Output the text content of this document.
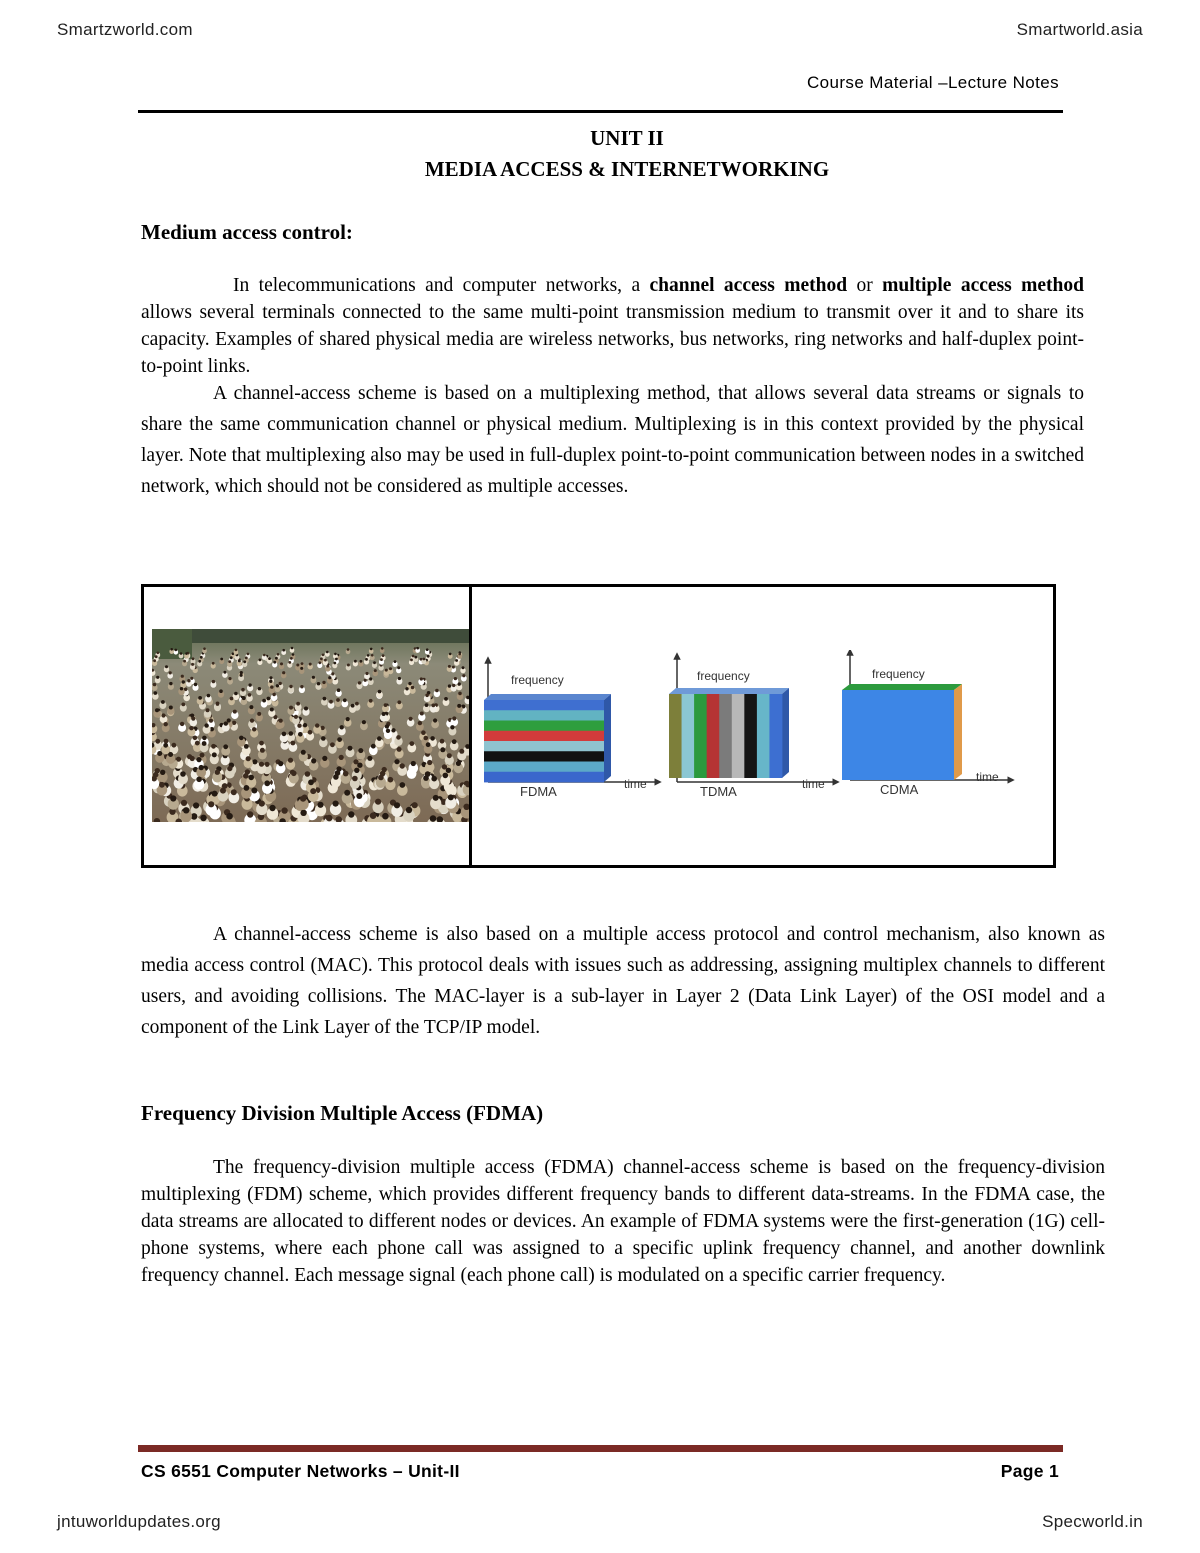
Smartzworld.com	Smartworld.asia
Course Material –Lecture Notes
UNIT II
MEDIA ACCESS & INTERNETWORKING
Medium access control:
In telecommunications and computer networks, a channel access method or multiple access method allows several terminals connected to the same multi-point transmission medium to transmit over it and to share its capacity. Examples of shared physical media are wireless networks, bus networks, ring networks and half-duplex point-to-point links.
A channel-access scheme is based on a multiplexing method, that allows several data streams or signals to share the same communication channel or physical medium. Multiplexing is in this context provided by the physical layer. Note that multiplexing also may be used in full-duplex point-to-point communication between nodes in a switched network, which should not be considered as multiple accesses.
frequency
time
FDMA
frequency
time
TDMA
frequency
time
CDMA
A channel-access scheme is also based on a multiple access protocol and control mechanism, also known as media access control (MAC). This protocol deals with issues such as addressing, assigning multiplex channels to different users, and avoiding collisions. The MAC-layer is a sub-layer in Layer 2 (Data Link Layer) of the OSI model and a component of the Link Layer of the TCP/IP model.
Frequency Division Multiple Access (FDMA)
The frequency-division multiple access (FDMA) channel-access scheme is based on the frequency-division multiplexing (FDM) scheme, which provides different frequency bands to different data-streams. In the FDMA case, the data streams are allocated to different nodes or devices. An example of FDMA systems were the first-generation (1G) cell-phone systems, where each phone call was assigned to a specific uplink frequency channel, and another downlink frequency channel. Each message signal (each phone call) is modulated on a specific carrier frequency.
CS 6551 Computer Networks – Unit-II	Page 1
jntuworldupdates.org	Specworld.in
